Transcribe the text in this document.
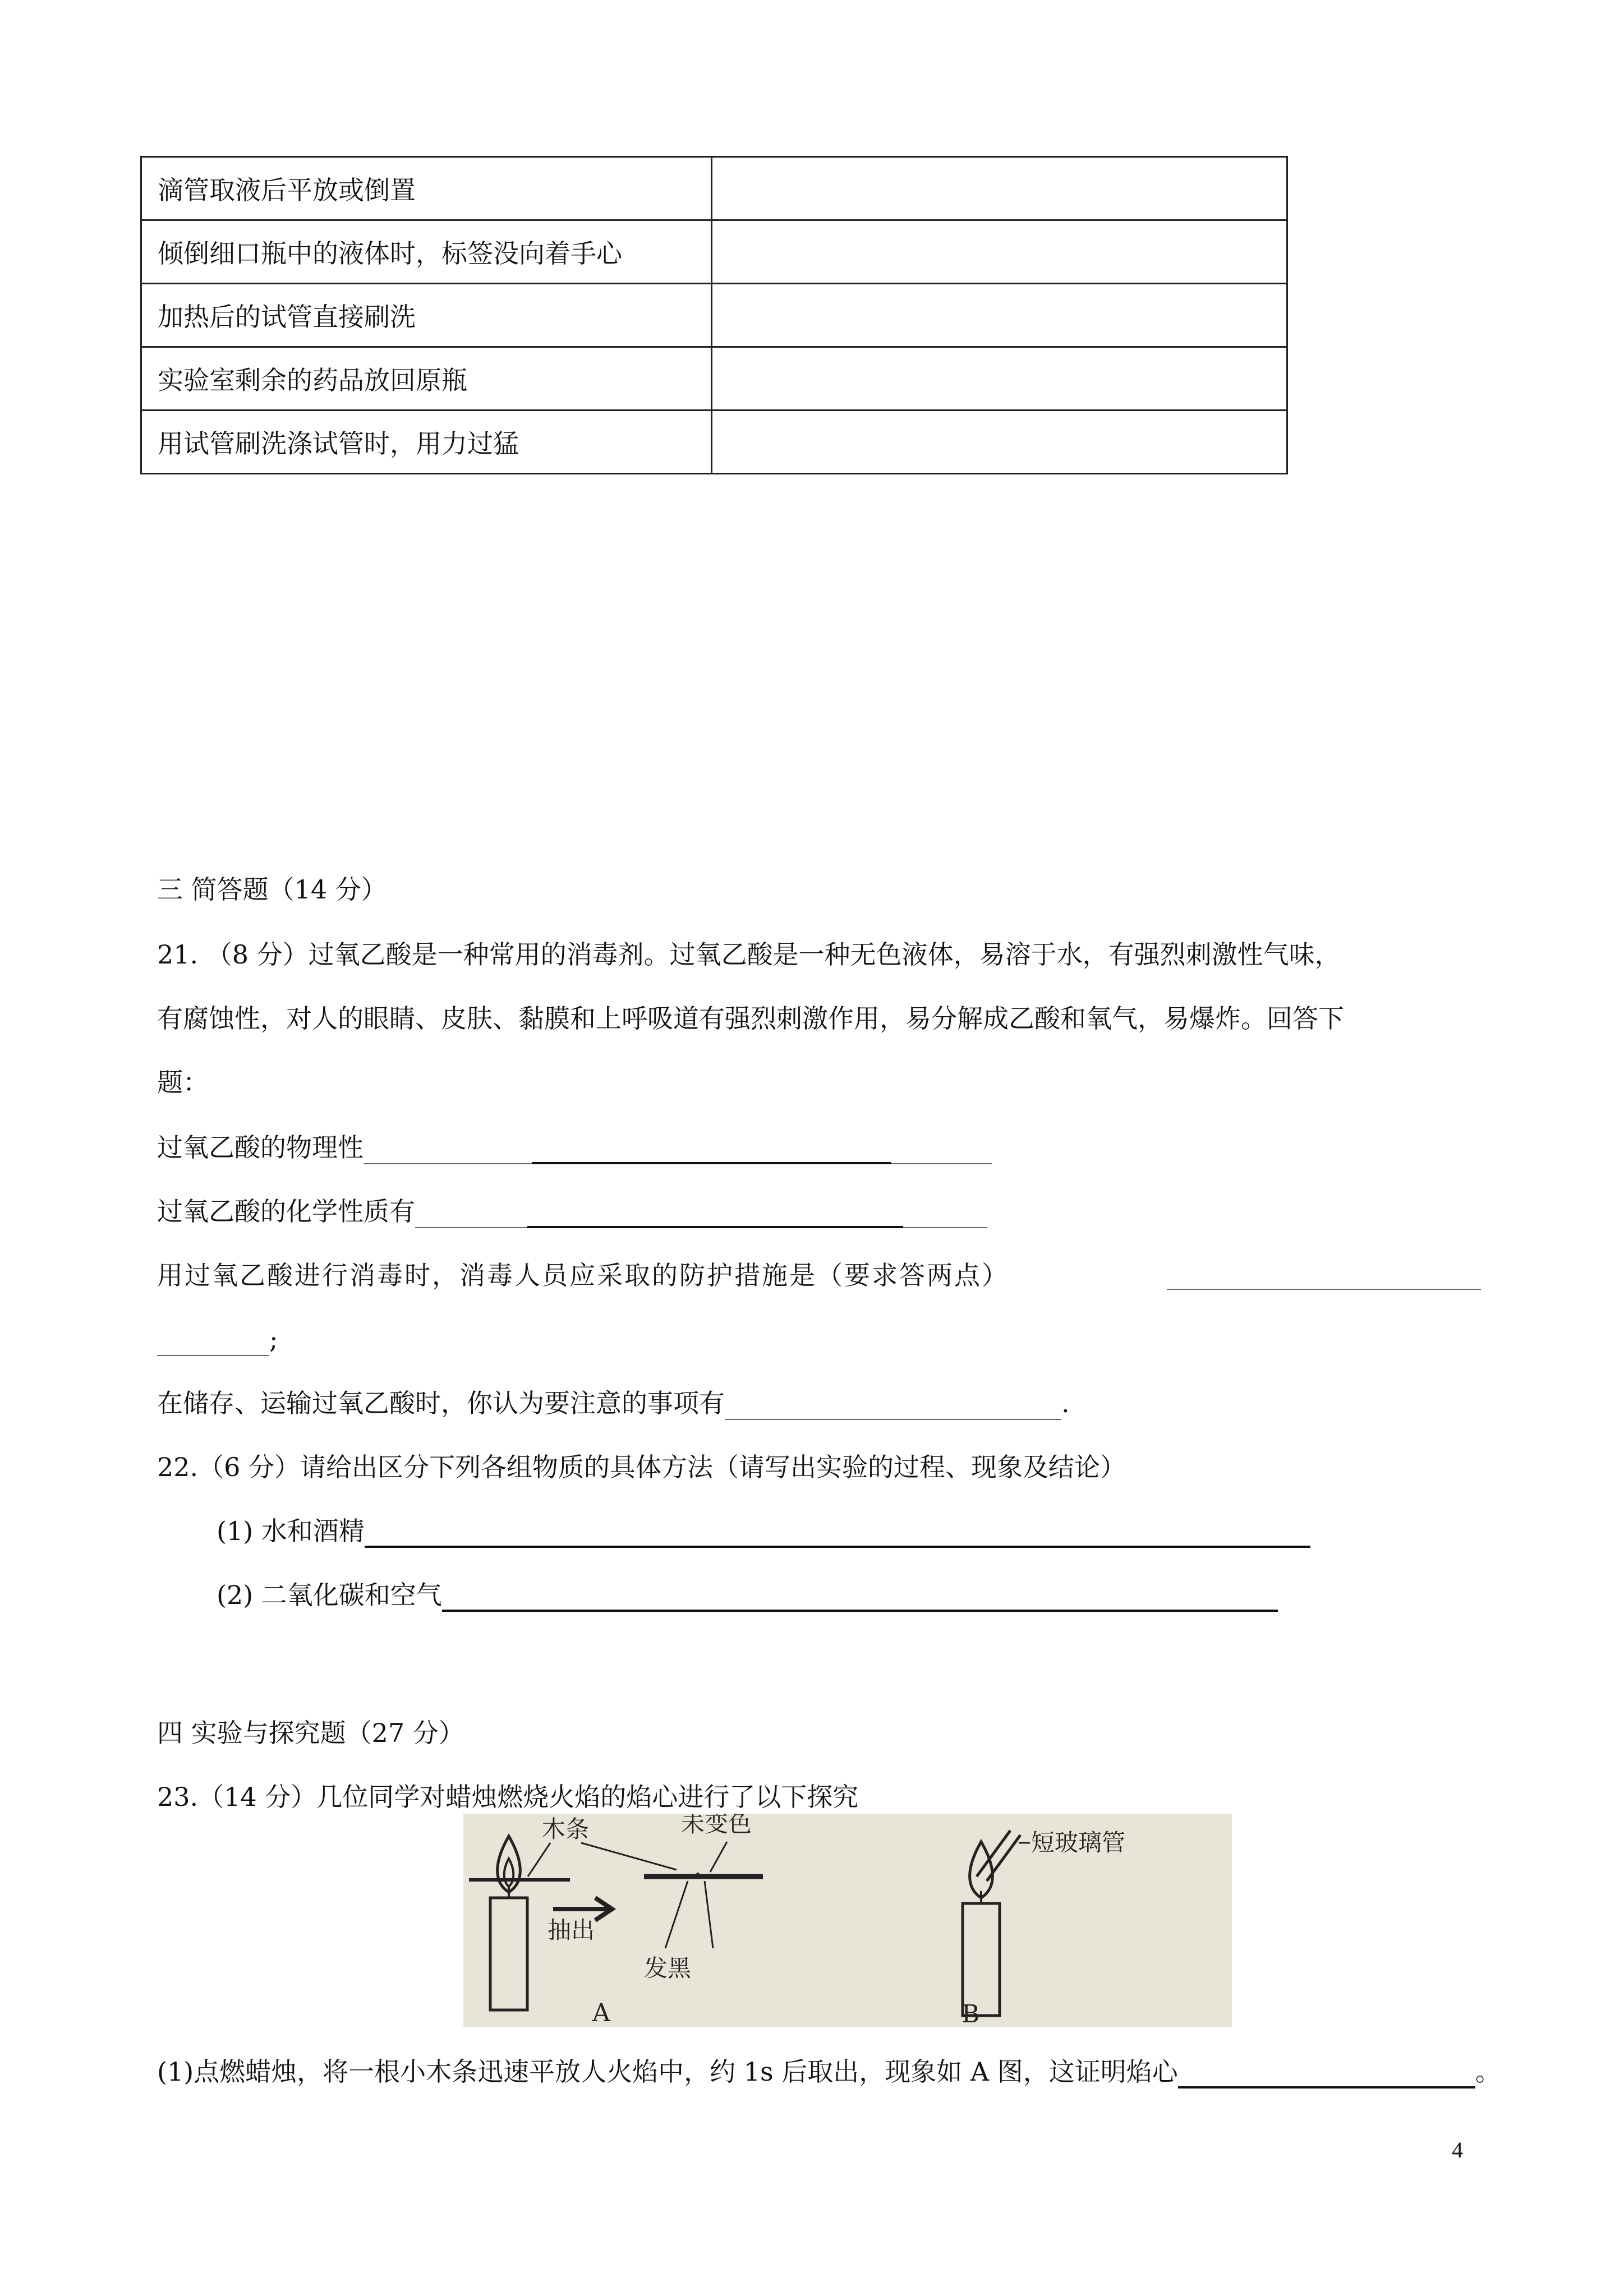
滴管取液后平放或倒置	
倾倒细口瓶中的液体时，标签没向着手心	
加热后的试管直接刷洗	
实验室剩余的药品放回原瓶	
用试管刷洗涤试管时，用力过猛	
三 简答题（14 分）
21. （8 分）过氧乙酸是一种常用的消毒剂。过氧乙酸是一种无色液体，易溶于水，有强烈刺激性气味，
有腐蚀性，对人的眼睛、皮肤、黏膜和上呼吸道有强烈刺激作用，易分解成乙酸和氧气，易爆炸。回答下
题：
过氧乙酸的物理性
过氧乙酸的化学性质有
用过氧乙酸进行消毒时，消毒人员应采取的防护措施是（要求答两点）
;
在储存、运输过氧乙酸时，你认为要注意的事项有	.
22.（6 分）请给出区分下列各组物质的具体方法（请写出实验的过程、现象及结论）
(1) 水和酒精
(2) 二氧化碳和空气
四 实验与探究题（27 分）
23.（14 分）几位同学对蜡烛燃烧火焰的焰心进行了以下探究
木条	未变色
抽出
发黑
A
短玻璃管
B
(1)点燃蜡烛，将一根小木条迅速平放人火焰中，约 1s 后取出，现象如 A 图，这证明焰心	。
4
